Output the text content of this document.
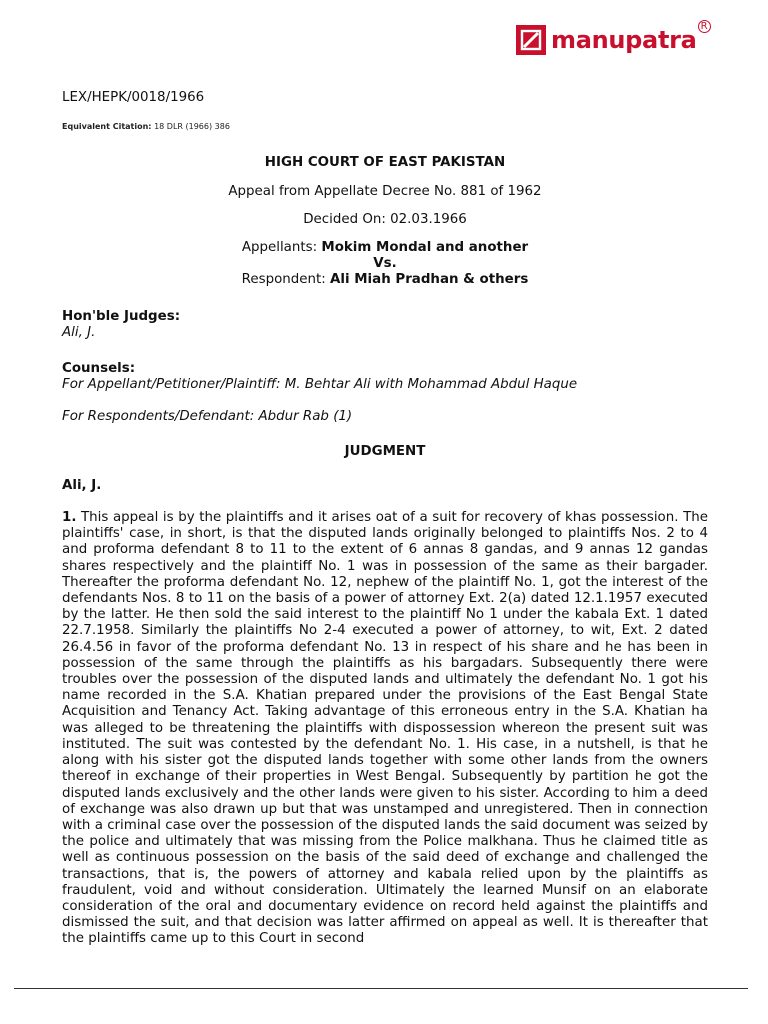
manupatra R
LEX/HEPK/0018/1966
Equivalent Citation: 18 DLR (1966) 386
HIGH COURT OF EAST PAKISTAN
Appeal from Appellate Decree No. 881 of 1962
Decided On: 02.03.1966
Appellants: Mokim Mondal and another
Vs.
Respondent: Ali Miah Pradhan & others
Hon'ble Judges:
Ali, J.
Counsels:
For Appellant/Petitioner/Plaintiff: M. Behtar Ali with Mohammad Abdul Haque
For Respondents/Defendant: Abdur Rab (1)
JUDGMENT
Ali, J.
1. This appeal is by the plaintiffs and it arises oat of a suit for recovery of khas possession. The plaintiffs' case, in short, is that the disputed lands originally belonged to plaintiffs Nos. 2 to 4 and proforma defendant 8 to 11 to the extent of 6 annas 8 gandas, and 9 annas 12 gandas shares respectively and the plaintiff No. 1 was in possession of the same as their bargader. Thereafter the proforma defendant No. 12, nephew of the plaintiff No. 1, got the interest of the defendants Nos. 8 to 11 on the basis of a power of attorney Ext. 2(a) dated 12.1.1957 executed by the latter. He then sold the said interest to the plaintiff No 1 under the kabala Ext. 1 dated 22.7.1958. Similarly the plaintiffs No 2-4 executed a power of attorney, to wit, Ext. 2 dated 26.4.56 in favor of the proforma defendant No. 13 in respect of his share and he has been in possession of the same through the plaintiffs as his bargadars. Subsequently there were troubles over the possession of the disputed lands and ultimately the defendant No. 1 got his name recorded in the S.A. Khatian prepared under the provisions of the East Bengal State Acquisition and Tenancy Act. Taking advantage of this erroneous entry in the S.A. Khatian ha was alleged to be threatening the plaintiffs with dispossession whereon the present suit was instituted. The suit was contested by the defendant No. 1. His case, in a nutshell, is that he along with his sister got the disputed lands together with some other lands from the owners thereof in exchange of their properties in West Bengal. Subsequently by partition he got the disputed lands exclusively and the other lands were given to his sister. According to him a deed of exchange was also drawn up but that was unstamped and unregistered. Then in connection with a criminal case over the possession of the disputed lands the said document was seized by the police and ultimately that was missing from the Police malkhana. Thus he claimed title as well as continuous possession on the basis of the said deed of exchange and challenged the transactions, that is, the powers of attorney and kabala relied upon by the plaintiffs as fraudulent, void and without consideration. Ultimately the learned Munsif on an elaborate consideration of the oral and documentary evidence on record held against the plaintiffs and dismissed the suit, and that decision was latter affirmed on appeal as well. It is thereafter that the plaintiffs came up to this Court in second
